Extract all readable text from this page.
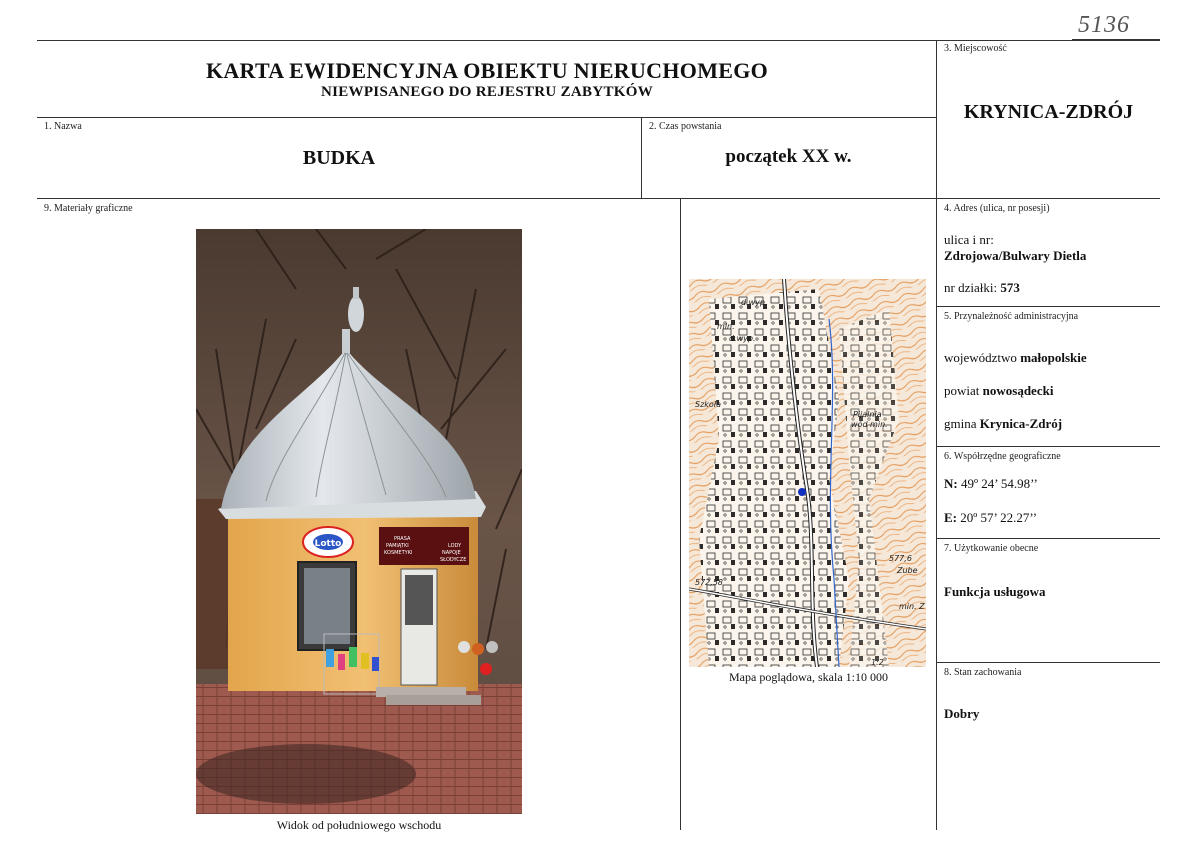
5136
KARTA EWIDENCYJNA OBIEKTU NIERUCHOMEGO
NIEWPISANEGO DO REJESTRU ZABYTKÓW
3. Miejscowość
KRYNICA-ZDRÓJ
1. Nazwa
BUDKA
2. Czas powstania
początek XX w.
9. Materiały graficzne
Lotto	PRASA
PAMIĄTKI
KOSMETYKI
LODY
NAPOJE
SŁODYCZE
Widok od południowego wschodu
d.wyp.
mln.
d.wyp.
Szkoła
Pijalnia
wód min.
572,58
577,6
Zube
min. Z
1:2
Mapa poglądowa, skala 1:10 000
4. Adres (ulica, nr posesji)
ulica i nr:
Zdrojowa/Bulwary Dietla
nr działki: 573
5. Przynależność administracyjna
województwo małopolskie
powiat nowosądecki
gmina Krynica-Zdrój
6. Współrzędne geograficzne
N: 49º 24’ 54.98’’
E: 20º 57’ 22.27’’
7. Użytkowanie obecne
Funkcja usługowa
8. Stan zachowania
Dobry
